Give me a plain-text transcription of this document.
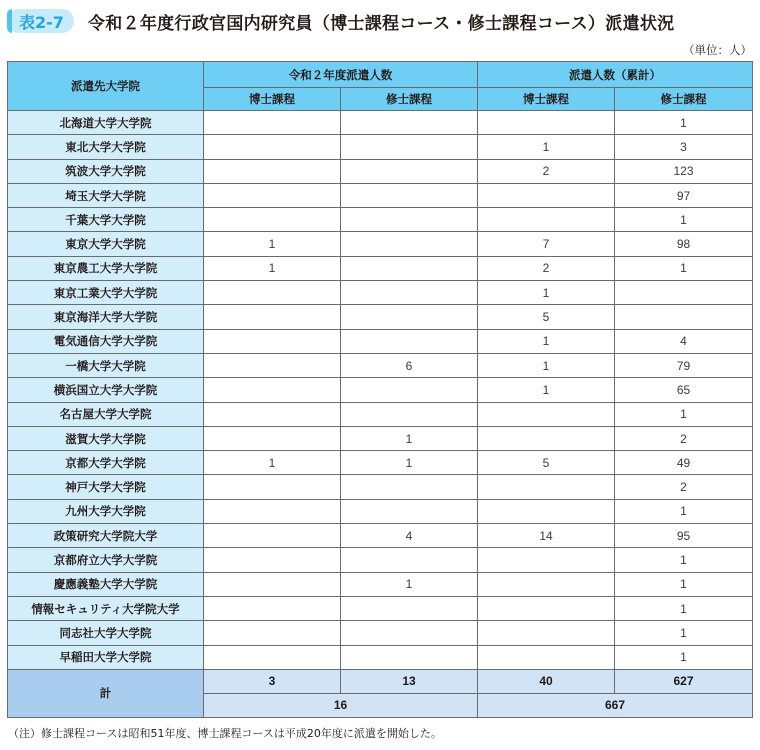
表2-7 令和２年度行政官国内研究員（博士課程コース・修士課程コース）派遣状況
（単位：人）
派遣先大学院	令和２年度派遣人数		派遣人数（累計）	
	博士課程	修士課程	博士課程	修士課程
北海道大学大学院				1
東北大学大学院			1	3
筑波大学大学院			2	123
埼玉大学大学院				97
千葉大学大学院				1
東京大学大学院	1		7	98
東京農工大学大学院	1		2	1
東京工業大学大学院			1	
東京海洋大学大学院			5	
電気通信大学大学院			1	4
一橋大学大学院		6	1	79
横浜国立大学大学院			1	65
名古屋大学大学院				1
滋賀大学大学院		1		2
京都大学大学院	1	1	5	49
神戸大学大学院				2
九州大学大学院				1
政策研究大学院大学		4	14	95
京都府立大学大学院				1
慶應義塾大学大学院		1		1
情報セキュリティ大学院大学				1
同志社大学大学院				1
早稲田大学大学院				1
計	3	13	40	627
	16		667	
（注）修士課程コースは昭和51年度、博士課程コースは平成20年度に派遣を開始した。
